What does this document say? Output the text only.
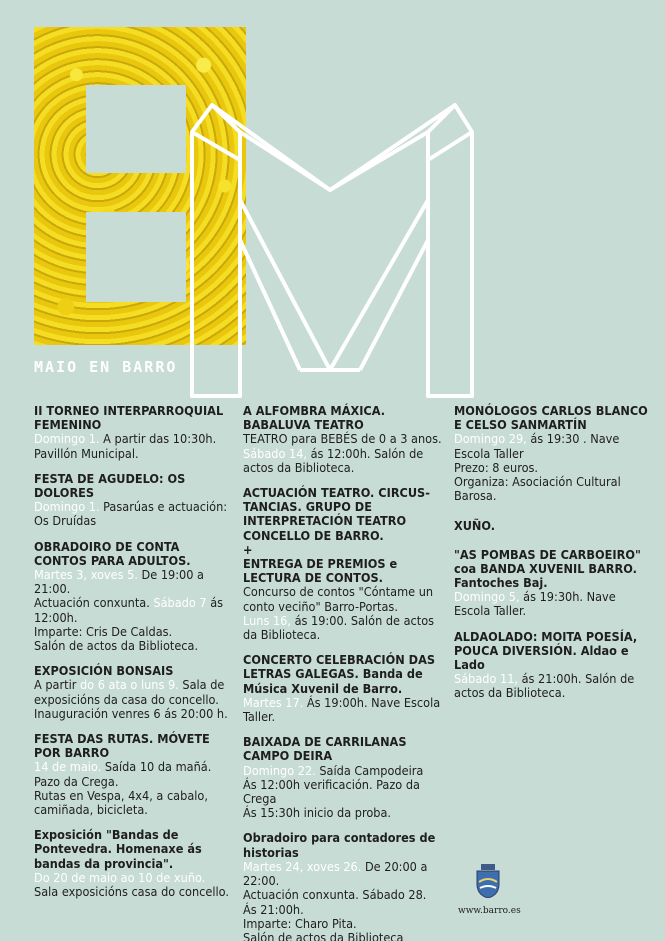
MAIO EN BARRO
II TORNEO INTERPARROQUIAL FEMENINO
Domingo 1. A partir das 10:30h. Pavillón Municipal.
FESTA DE AGUDELO: OS DOLORES
Domingo 1. Pasarúas e actuación: Os Druídas
OBRADOIRO DE CONTA CONTOS PARA ADULTOS.
Martes 3, xoves 5. De 19:00 a 21:00.
Actuación conxunta. Sábado 7 ás 12:00h.
Imparte: Cris De Caldas.
Salón de actos da Biblioteca.
EXPOSICIÓN BONSAIS
A partir do 6 ata o luns 9. Sala de exposicións da casa do concello.
Inauguración venres 6 ás 20:00 h.
FESTA DAS RUTAS. MÓVETE POR BARRO
14 de maio. Saída 10 da mañá. Pazo da Crega.
Rutas en Vespa, 4x4, a cabalo, camiñada, bicicleta.
Exposición "Bandas de Pontevedra. Homenaxe ás bandas da provincia".
Do 20 de maio ao 10 de xuño.
Sala exposicións casa do concello.
A ALFOMBRA MÁXICA. BABALUVA TEATRO
TEATRO para BEBÉS de 0 a 3 anos.
Sábado 14, ás 12:00h. Salón de actos da Biblioteca.
ACTUACIÓN TEATRO. CIRCUS-TANCIAS. GRUPO DE INTERPRETACIÓN TEATRO CONCELLO DE BARRO.
+
ENTREGA DE PREMIOS e LECTURA DE CONTOS.
Concurso de contos "Cóntame un conto veciño" Barro-Portas.
Luns 16, ás 19:00. Salón de actos da Biblioteca.
CONCERTO CELEBRACIÓN DAS LETRAS GALEGAS. Banda de Música Xuvenil de Barro.
Martes 17. Ás 19:00h. Nave Escola Taller.
BAIXADA DE CARRILANAS CAMPO DEIRA
Domingo 22. Saída Campodeira
Ás 12:00h verificación. Pazo da Crega
Ás 15:30h inicio da proba.
Obradoiro para contadores de historias
Martes 24, xoves 26. De 20:00 a 22:00.
Actuación conxunta. Sábado 28. Ás 21:00h.
Imparte: Charo Pita.
Salón de actos da Biblioteca
MONÓLOGOS CARLOS BLANCO E CELSO SANMARTÍN
Domingo 29, ás 19:30 . Nave Escola Taller
Prezo: 8 euros.
Organiza: Asociación Cultural Barosa.
XUÑO.
"AS POMBAS DE CARBOEIRO" coa BANDA XUVENIL BARRO. Fantoches Baj.
Domingo 5, ás 19:30h. Nave Escola Taller.
ALDAOLADO: MOITA POESÍA, POUCA DIVERSIÓN. Aldao e Lado
Sábado 11, ás 21:00h. Salón de actos da Biblioteca.
www.barro.es
